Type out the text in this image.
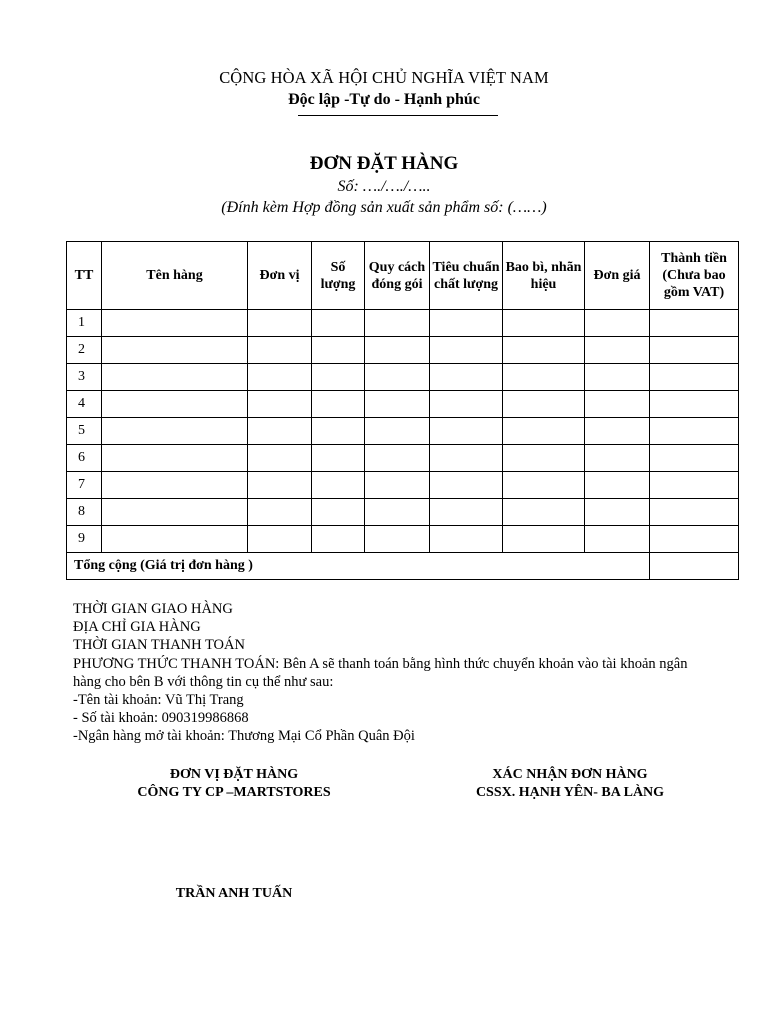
CỘNG HÒA XÃ HỘI CHỦ NGHĨA VIỆT NAM
Độc lập -Tự do - Hạnh phúc
ĐƠN ĐẶT HÀNG
Số: …./…./…..
(Đính kèm Hợp đồng sản xuất sản phẩm số: (……)
TT	Tên hàng	Đơn vị	Số lượng	Quy cách đóng gói	Tiêu chuẩn chất lượng	Bao bì, nhãn hiệu	Đơn giá	Thành tiền (Chưa bao gồm VAT)
1								
2								
3								
4								
5								
6								
7								
8								
9								
Tổng cộng (Giá trị đơn hàng )								
THỜI GIAN GIAO HÀNG
ĐỊA CHỈ GIA HÀNG
THỜI GIAN THANH TOÁN
PHƯƠNG THỨC THANH TOÁN: Bên A sẽ thanh toán bằng hình thức chuyển khoản vào tài khoản ngân hàng cho bên B với thông tin cụ thể như sau:
-Tên tài khoản: Vũ Thị Trang
- Số tài khoản: 090319986868
-Ngân hàng mở tài khoản: Thương Mại Cổ Phần Quân Đội
ĐƠN VỊ ĐẶT HÀNG
CÔNG TY CP –MARTSTORES
XÁC NHẬN ĐƠN HÀNG
CSSX. HẠNH YÊN- BA LÀNG
TRẦN ANH TUẤN
